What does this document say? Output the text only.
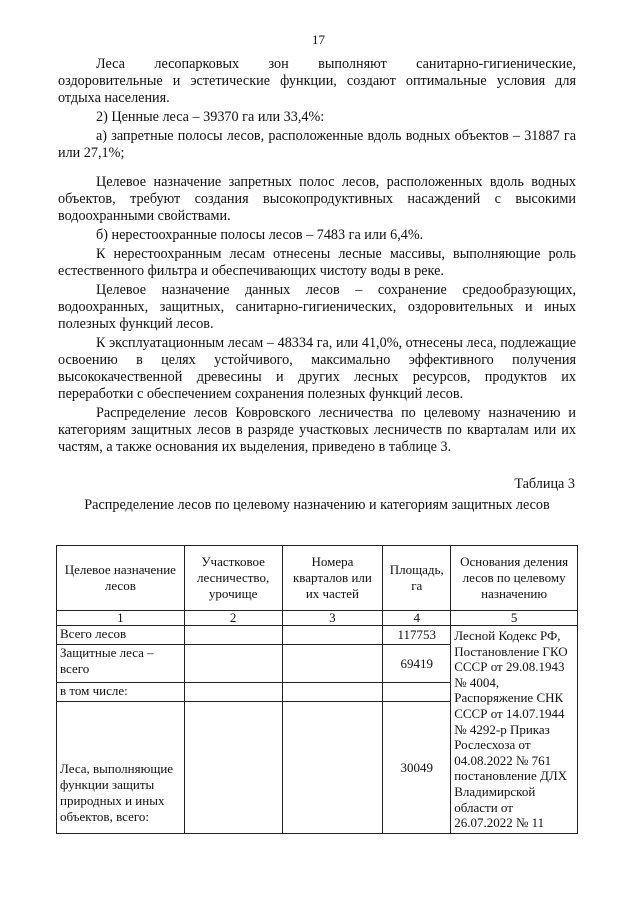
17

Леса лесопарковых зон выполняют санитарно-гигиенические, оздоровительные и эстетические функции, создают оптимальные условия для отдыха населения.

2) Ценные леса – 39370 га или 33,4%:

а) запретные полосы лесов, расположенные вдоль водных объектов – 31887 га или 27,1%;

Целевое назначение запретных полос лесов, расположенных вдоль водных объектов, требуют создания высокопродуктивных насаждений с высокими водоохранными свойствами.

б) нерестоохранные полосы лесов – 7483 га или 6,4%.

К нерестоохранным лесам отнесены лесные массивы, выполняющие роль естественного фильтра и обеспечивающих чистоту воды в реке.

Целевое назначение данных лесов – сохранение средообразующих, водоохранных, защитных, санитарно-гигиенических, оздоровительных и иных полезных функций лесов.

К эксплуатационным лесам – 48334 га, или 41,0%, отнесены леса, подлежащие освоению в целях устойчивого, максимально эффективного получения высококачественной древесины и других лесных ресурсов, продуктов их переработки с обеспечением сохранения полезных функций лесов.

Распределение лесов Ковровского лесничества по целевому назначению и категориям защитных лесов в разряде участковых лесничеств по кварталам или их частям, а также основания их выделения, приведено в таблице 3.

Таблица 3
Распределение лесов по целевому назначению и категориям защитных лесов
Целевое назначение лесов	Участковое лесничество, урочище	Номера кварталов или их частей	Площадь, га	Основания деления лесов по целевому назначению
1	2	3	4	5
Всего лесов			117753	Лесной Кодекс РФ, Постановление ГКО СССР от 29.08.1943 № 4004, Распоряжение СНК СССР от 14.07.1944 № 4292-р Приказ Рослесхоза от 04.08.2022 № 761 постановление ДЛХ Владимирской области от 26.07.2022 № 11
Защитные леса – всего			69419	
в том числе:				
Леса, выполняющие функции защиты природных и иных объектов, всего:			30049	
